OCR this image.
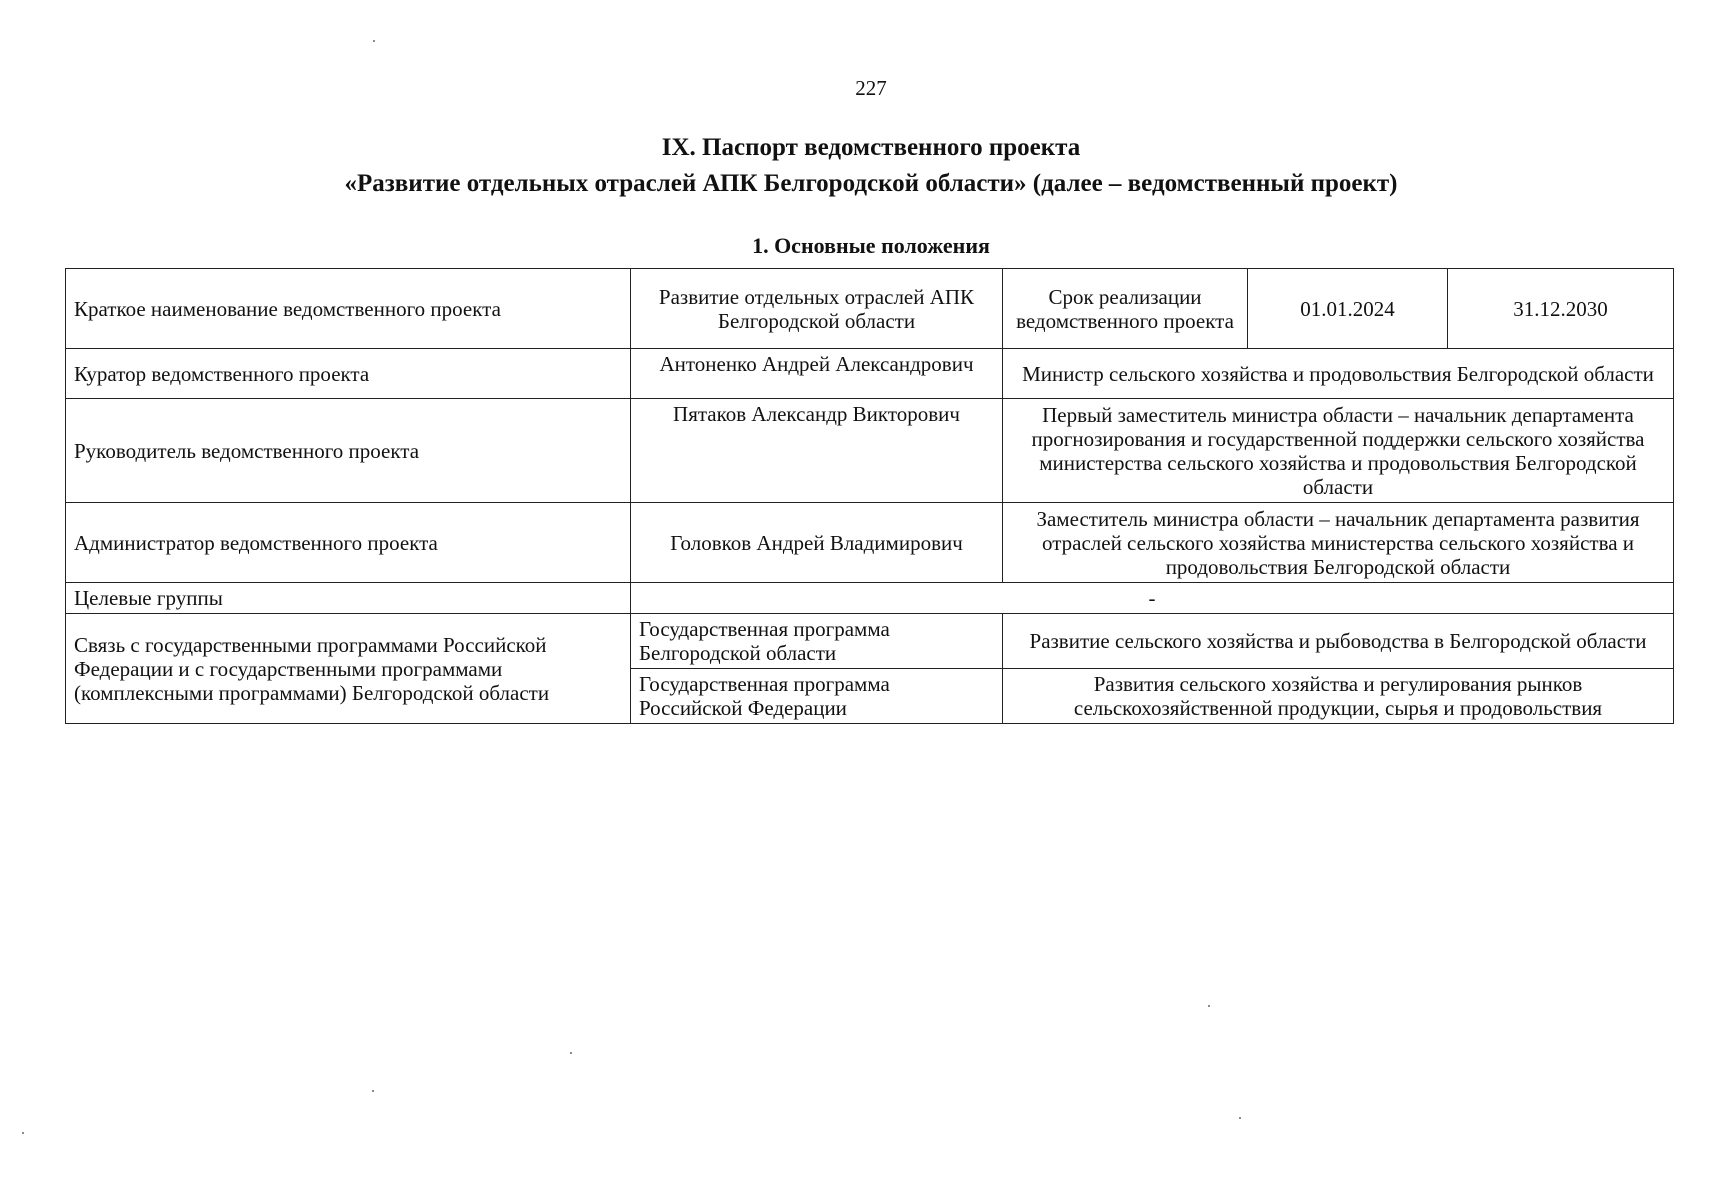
227
IX. Паспорт ведомственного проекта
«Развитие отдельных отраслей АПК Белгородской области» (далее – ведомственный проект)
1. Основные положения
Краткое наименование ведомственного проекта	Развитие отдельных отраслей АПК Белгородской области	Срок реализации ведомственного проекта	01.01.2024	31.12.2030
Куратор ведомственного проекта	Антоненко Андрей Александрович	Министр сельского хозяйства и продовольствия Белгородской области		
Руководитель ведомственного проекта	Пятаков Александр Викторович	Первый заместитель министра области – начальник департамента прогнозирования и государственной поддержки сельского хозяйства министерства сельского хозяйства и продовольствия Белгородской области		
Администратор ведомственного проекта	Головков Андрей Владимирович	Заместитель министра области – начальник департамента развития отраслей сельского хозяйства министерства сельского хозяйства и продовольствия Белгородской области		
Целевые группы	-			
Связь с государственными программами Российской Федерации и с государственными программами (комплексными программами) Белгородской области	Государственная программа Белгородской области	Развитие сельского хозяйства и рыбоводства в Белгородской области		
	Государственная программа Российской Федерации	Развития сельского хозяйства и регулирования рынков сельскохозяйственной продукции, сырья и продовольствия		
